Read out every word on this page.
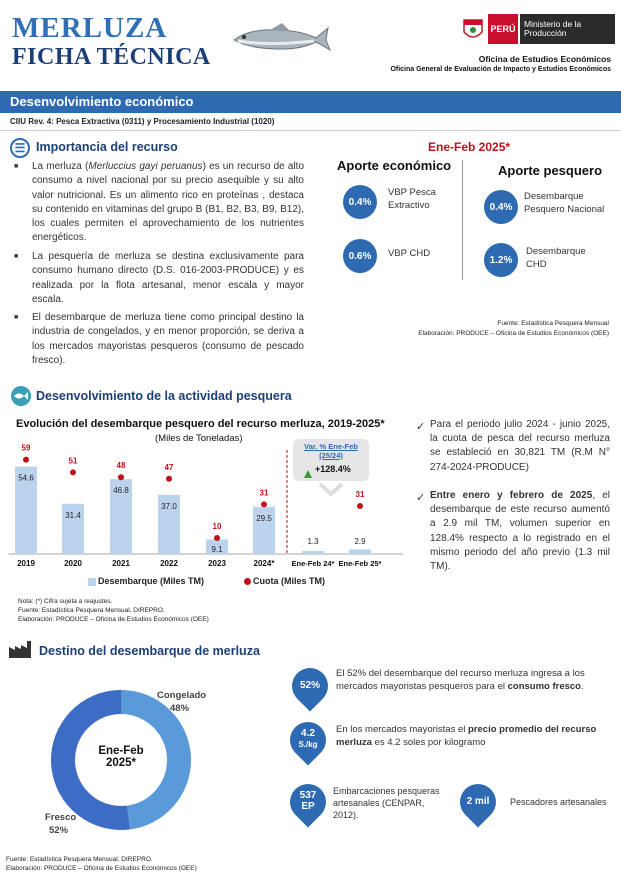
MERLUZA
FICHA TÉCNICA
PERÚ	Ministerio de la Producción
Oficina de Estudios Económicos
Oficina General de Evaluación de Impacto y Estudios Económicos
Desenvolvimiento económico
CIIU Rev. 4: Pesca Extractiva (0311) y Procesamiento Industrial (1020)
☰ Importancia del recurso
■ La merluza (Merluccius gayi peruanus) es un recurso de alto consumo a nivel nacional por su precio asequible y su alto valor nutricional. Es un alimento rico en proteínas , destaca su contenido en vitaminas del grupo B (B1, B2, B3, B9, B12), los cuales permiten el aprovechamiento de los nutrientes energéticos.
■ La pesquería de merluza se destina exclusivamente para consumo humano directo (D.S. 016-2003-PRODUCE) y es realizada por la flota artesanal, menor escala y mayor escala.
■ El desembarque de merluza tiene como principal destino la industria de congelados, y en menor proporción, se deriva a los mercados mayoristas pesqueros (consumo de pescado fresco).
Ene-Feb 2025*
Aporte económico	Aporte pesquero
0.4%
VBP Pesca Extractivo
0.6%	VBP CHD
0.4%
Desembarque Pesquero Nacional
1.2%
Desembarque CHD
Fuente: Estadística Pesquera Mensual
Elaboración: PRODUCE – Oficina de Estudios Económicos (OEE)
Desenvolvimiento de la actividad pesquera
Evolución del desembarque pesquero del recurso merluza, 2019-2025*
(Miles de Toneladas)
54.6
59
2019
31.4
51
2020
46.8
48
2021
37.0
47
2022
9.1
10
2023
29.5
31
2024*
1.3
Ene-Feb 24*
2.9
31
Ene-Feb 25*
Var. % Ene-Feb (25/24)
+128.4%
Desembarque (Miles TM)	Cuota (Miles TM)
Nota: (*) Cifra sujeta a reajustes.
Fuente: Estadística Pesquera Mensual, DIREPRO.
Elaboración: PRODUCE – Oficina de Estudios Económicos (OEE)
✓ Para el periodo julio 2024 - junio 2025, la cuota de pesca del recurso merluza se estableció en 30,821 TM (R.M N° 274-2024-PRODUCE)
✓ Entre enero y febrero de 2025, el desembarque de este recurso aumentó a 2.9 mil TM, volumen superior en 128.4% respecto a lo registrado en el mismo periodo del año previo (1.3 mil TM).
Destino del desembarque de merluza
Ene-Feb 2025*
Congelado
48%
Fresco
52%
52%
El 52% del desembarque del recurso merluza ingresa a los mercados mayoristas pesqueros para el consumo fresco.
4.2
S./kg
En los mercados mayoristas el precio promedio del recurso merluza es 4.2 soles por kilogramo
537
EP
Embarcaciones pesqueras artesanales (CENPAR, 2012).
2 mil	Pescadores artesanales
Fuente: Estadística Pesquera Mensual, DIREPRO.
Elaboración: PRODUCE – Oficina de Estudios Económicos (OEE)
